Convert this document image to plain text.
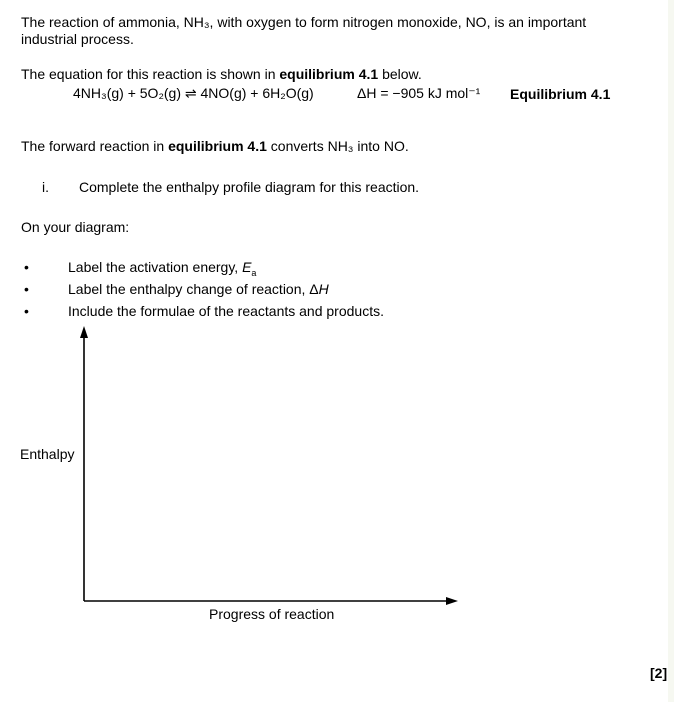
The reaction of ammonia, NH₃, with oxygen to form nitrogen monoxide, NO, is an important
industrial process.
The equation for this reaction is shown in equilibrium 4.1 below.
4NH₃(g) + 5O₂(g) ⇌ 4NO(g) + 6H₂O(g)	ΔH = −905 kJ mol⁻¹ Equilibrium 4.1
The forward reaction in equilibrium 4.1 converts NH₃ into NO.
i. Complete the enthalpy profile diagram for this reaction.
On your diagram:
•	Label the activation energy, $E_a$
•	Label the enthalpy change of reaction, ΔH
•	Include the formulae of the reactants and products.
Enthalpy
Progress of reaction
[2]
